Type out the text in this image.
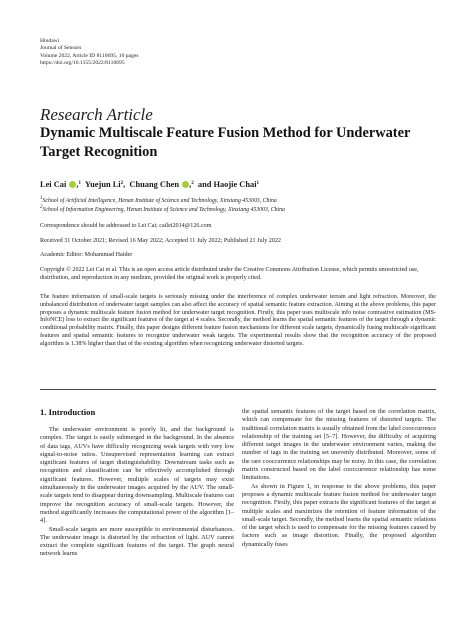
Hindawi
Journal of Sensors
Volume 2022, Article ID 8110695, 10 pages
https://doi.org/10.1155/2022/8110695
Research Article
Dynamic Multiscale Feature Fusion Method for Underwater Target Recognition
Lei Cai ,$^1$ Yuejun Li$^2$,  Chuang Chen ,$^2$  and Haojie Chai$^1$
$^1$School of Artificial Intelligence, Henan Institute of Science and Technology, Xinxiang 453003, China
$^2$School of Information Engineering, Henan Institute of Science and Technology, Xinxiang 453003, China
Correspondence should be addressed to Lei Cai; cailei2014@126.com
Received 31 October 2021; Revised 16 May 2022; Accepted 11 July 2022; Published 21 July 2022
Academic Editor: Mohammad Haider
Copyright © 2022 Lei Cai et al. This is an open access article distributed under the Creative Commons Attribution License, which permits unrestricted use, distribution, and reproduction in any medium, provided the original work is properly cited.
The feature information of small-scale targets is seriously missing under the interference of complex underwater terrain and light refraction. Moreover, the unbalanced distribution of underwater target samples can also affect the accuracy of spatial semantic feature extraction. Aiming at the above problems, this paper proposes a dynamic multiscale feature fusion method for underwater target recognition. Firstly, this paper uses multiscale info noise contrastive estimation (MS-InfoNCE) loss to extract the significant features of the target at 4 scales. Secondly, the method learns the spatial semantic features of the target through a dynamic conditional probability matrix. Finally, this paper designs different feature fusion mechanisms for different scale targets, dynamically fusing multiscale significant features and spatial semantic features to recognize underwater weak targets. The experimental results show that the recognition accuracy of the proposed algorithm is 1.38% higher than that of the existing algorithm when recognizing underwater distorted targets.
1. Introduction

The underwater environment is poorly lit, and the background is complex. The target is easily submerged in the background. In the absence of data tags, AUVs have difficulty recognizing weak targets with very low signal-to-noise ratios. Unsupervised representation learning can extract significant features of target distinguishability. Downstream tasks such as recognition and classification can be effectively accomplished through significant features. However, multiple scales of targets may exist simultaneously in the underwater images acquired by the AUV. The small-scale targets tend to disappear during downsampling. Multiscale features can improve the recognition accuracy of small-scale targets. However, the method significantly increases the computational power of the algorithm [1–4].

Small-scale targets are more susceptible to environmental disturbances. The underwater image is distorted by the refraction of light. AUV cannot extract the complete significant features of the target. The graph neural network learns

the spatial semantic features of the target based on the correlation matrix, which can compensate for the missing features of distorted targets. The traditional correlation matrix is usually obtained from the label cooccurrence relationship of the training set [5–7]. However, the difficulty of acquiring different target images in the underwater environment varies, making the number of tags in the training set unevenly distributed. Moreover, some of the rare cooccurrence relationships may be noisy. In this case, the correlation matrix constructed based on the label cooccurrence relationship has some limitations.

As shown in Figure 1, in response to the above problems, this paper proposes a dynamic multiscale feature fusion method for underwater target recognition. Firstly, this paper extracts the significant features of the target at multiple scales and maximizes the retention of feature information of the small-scale target. Secondly, the method learns the spatial semantic relations of the target which is used to compensate for the missing features caused by factors such as image distortion. Finally, the proposed algorithm dynamically fuses
